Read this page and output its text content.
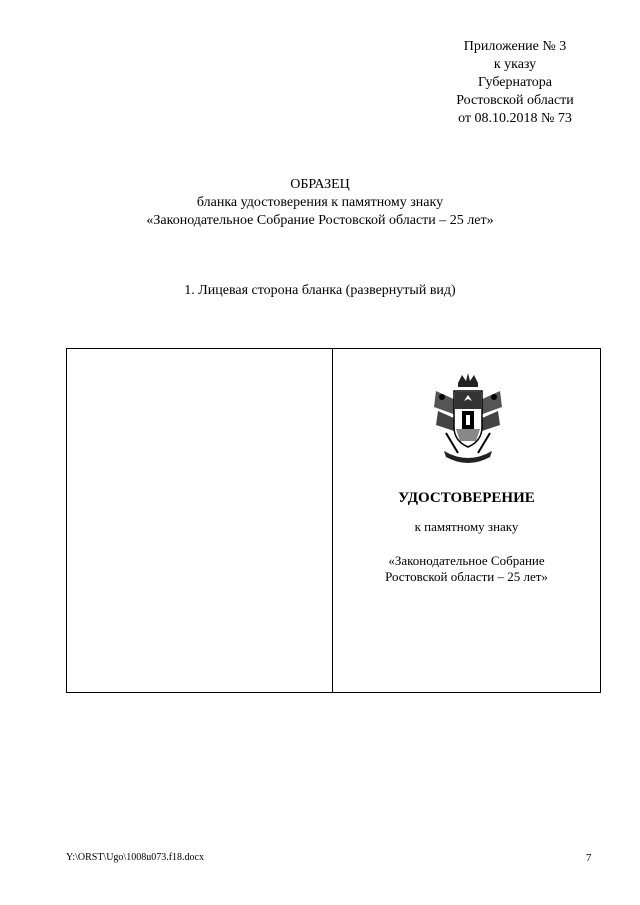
Приложение № 3
к указу
Губернатора
Ростовской области
от 08.10.2018 № 73
ОБРАЗЕЦ
бланка удостоверения к памятному знаку
«Законодательное Собрание Ростовской области – 25 лет»
1. Лицевая сторона бланка (развернутый вид)
УДОСТОВЕРЕНИЕ
к памятному знаку
«Законодательное Собрание
Ростовской области – 25 лет»
Y:\ORST\Ugo\1008u073.f18.docx	7
